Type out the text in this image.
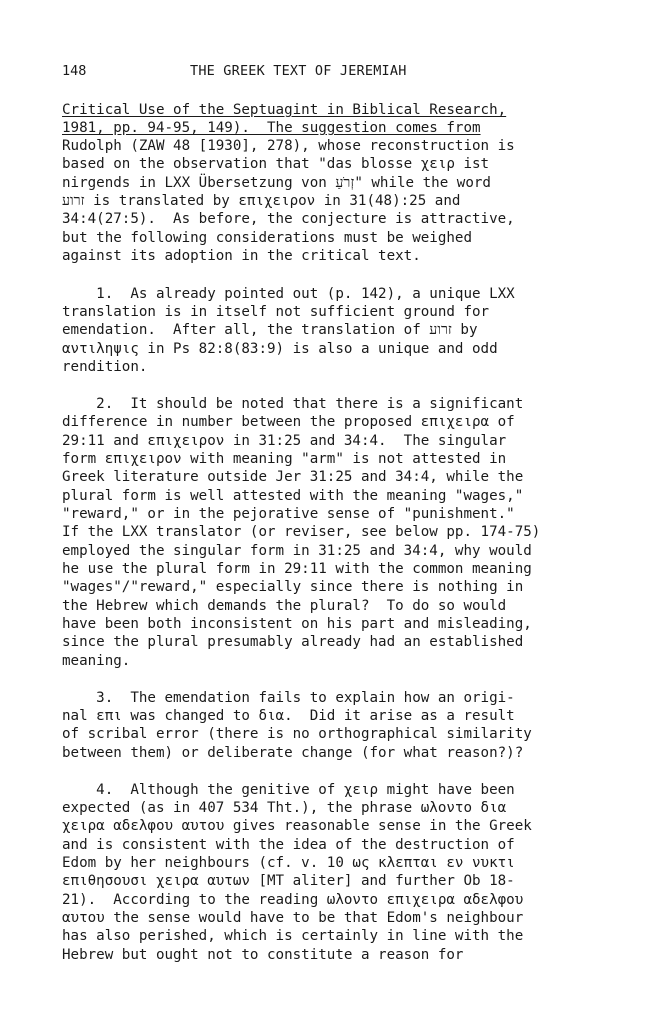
148	THE GREEK TEXT OF JEREMIAH
Critical Use of the Septuagint in Biblical Research,
1981, pp. 94-95, 149).  The suggestion comes from
Rudolph (ZAW 48 [1930], 278), whose reconstruction is
based on the observation that "das blosse χειρ ist
nirgends in LXX Übersetzung von זְרֹעַ" while the word
זרוע is translated by επιχειρον in 31(48):25 and
34:4(27:5).  As before, the conjecture is attractive,
but the following considerations must be weighed
against its adoption in the critical text.
1.  As already pointed out (p. 142), a unique LXX
translation is in itself not sufficient ground for
emendation.  After all, the translation of זרוע by
αντιληψις in Ps 82:8(83:9) is also a unique and odd
rendition.
2.  It should be noted that there is a significant
difference in number between the proposed επιχειρα of
29:11 and επιχειρον in 31:25 and 34:4.  The singular
form επιχειρον with meaning "arm" is not attested in
Greek literature outside Jer 31:25 and 34:4, while the
plural form is well attested with the meaning "wages,"
"reward," or in the pejorative sense of "punishment."
If the LXX translator (or reviser, see below pp. 174-75)
employed the singular form in 31:25 and 34:4, why would
he use the plural form in 29:11 with the common meaning
"wages"/"reward," especially since there is nothing in
the Hebrew which demands the plural?  To do so would
have been both inconsistent on his part and misleading,
since the plural presumably already had an established
meaning.
3.  The emendation fails to explain how an origi-
nal επι was changed to δια.  Did it arise as a result
of scribal error (there is no orthographical similarity
between them) or deliberate change (for what reason?)?
4.  Although the genitive of χειρ might have been
expected (as in 407 534 Tht.), the phrase ωλοντο δια
χειρα αδελφου αυτου gives reasonable sense in the Greek
and is consistent with the idea of the destruction of
Edom by her neighbours (cf. v. 10 ως κλεπται εν νυκτι
επιθησουσι χειρα αυτων [MT aliter] and further Ob 18-
21).  According to the reading ωλοντο επιχειρα αδελφου
αυτου the sense would have to be that Edom's neighbour
has also perished, which is certainly in line with the
Hebrew but ought not to constitute a reason for
